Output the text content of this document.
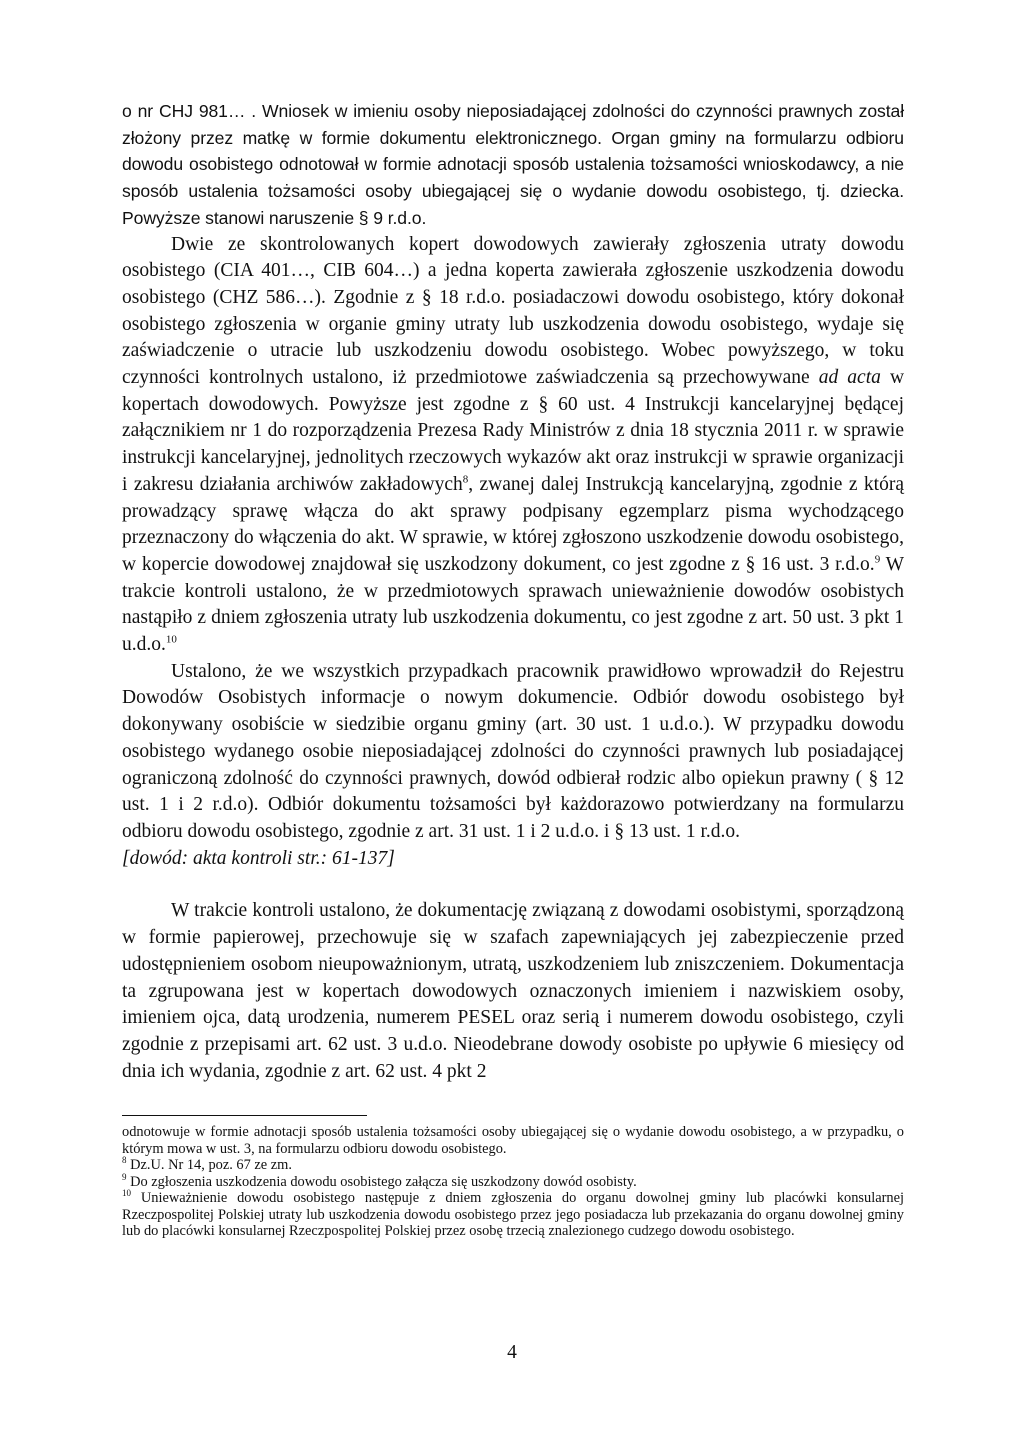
o nr CHJ 981… . Wniosek w imieniu osoby nieposiadającej zdolności do czynności prawnych został złożony przez matkę w formie dokumentu elektronicznego. Organ gminy na formularzu odbioru dowodu osobistego odnotował w formie adnotacji sposób ustalenia tożsamości wnioskodawcy, a nie sposób ustalenia tożsamości osoby ubiegającej się o wydanie dowodu osobistego, tj. dziecka. Powyższe stanowi naruszenie § 9 r.d.o.

Dwie ze skontrolowanych kopert dowodowych zawierały zgłoszenia utraty dowodu osobistego (CIA 401…, CIB 604…) a jedna koperta zawierała zgłoszenie uszkodzenia dowodu osobistego (CHZ 586…). Zgodnie z § 18 r.d.o. posiadaczowi dowodu osobistego, który dokonał osobistego zgłoszenia w organie gminy utraty lub uszkodzenia dowodu osobistego, wydaje się zaświadczenie o utracie lub uszkodzeniu dowodu osobistego. Wobec powyższego, w toku czynności kontrolnych ustalono, iż przedmiotowe zaświadczenia są przechowywane ad acta w kopertach dowodowych. Powyższe jest zgodne z § 60 ust. 4 Instrukcji kancelaryjnej będącej załącznikiem nr 1 do rozporządzenia Prezesa Rady Ministrów z dnia 18 stycznia 2011 r. w sprawie instrukcji kancelaryjnej, jednolitych rzeczowych wykazów akt oraz instrukcji w sprawie organizacji i zakresu działania archiwów zakładowych$^8$, zwanej dalej Instrukcją kancelaryjną, zgodnie z którą prowadzący sprawę włącza do akt sprawy podpisany egzemplarz pisma wychodzącego przeznaczony do włączenia do akt. W sprawie, w której zgłoszono uszkodzenie dowodu osobistego, w kopercie dowodowej znajdował się uszkodzony dokument, co jest zgodne z § 16 ust. 3 r.d.o.$^9$ W trakcie kontroli ustalono, że w przedmiotowych sprawach unieważnienie dowodów osobistych nastąpiło z dniem zgłoszenia utraty lub uszkodzenia dokumentu, co jest zgodne z art. 50 ust. 3 pkt 1 u.d.o.$^{10}$

Ustalono, że we wszystkich przypadkach pracownik prawidłowo wprowadził do Rejestru Dowodów Osobistych informacje o nowym dokumencie. Odbiór dowodu osobistego był dokonywany osobiście w siedzibie organu gminy (art. 30 ust. 1 u.d.o.). W przypadku dowodu osobistego wydanego osobie nieposiadającej zdolności do czynności prawnych lub posiadającej ograniczoną zdolność do czynności prawnych, dowód odbierał rodzic albo opiekun prawny ( § 12 ust. 1 i 2 r.d.o). Odbiór dokumentu tożsamości był każdorazowo potwierdzany na formularzu odbioru dowodu osobistego, zgodnie z art. 31 ust. 1 i 2 u.d.o. i § 13 ust. 1 r.d.o.

[dowód: akta kontroli str.: 61-137]

W trakcie kontroli ustalono, że dokumentację związaną z dowodami osobistymi, sporządzoną w formie papierowej, przechowuje się w szafach zapewniających jej zabezpieczenie przed udostępnieniem osobom nieupoważnionym, utratą, uszkodzeniem lub zniszczeniem. Dokumentacja ta zgrupowana jest w kopertach dowodowych oznaczonych imieniem i nazwiskiem osoby, imieniem ojca, datą urodzenia, numerem PESEL oraz serią i numerem dowodu osobistego, czyli zgodnie z przepisami art. 62 ust. 3 u.d.o. Nieodebrane dowody osobiste po upływie 6 miesięcy od dnia ich wydania, zgodnie z art. 62 ust. 4 pkt 2

odnotowuje w formie adnotacji sposób ustalenia tożsamości osoby ubiegającej się o wydanie dowodu osobistego, a w przypadku, o którym mowa w ust. 3, na formularzu odbioru dowodu osobistego.

$^8$ Dz.U. Nr 14, poz. 67 ze zm.

$^9$ Do zgłoszenia uszkodzenia dowodu osobistego załącza się uszkodzony dowód osobisty.

$^{10}$ Unieważnienie dowodu osobistego następuje z dniem zgłoszenia do organu dowolnej gminy lub placówki konsularnej Rzeczpospolitej Polskiej utraty lub uszkodzenia dowodu osobistego przez jego posiadacza lub przekazania do organu dowolnej gminy lub do placówki konsularnej Rzeczpospolitej Polskiej przez osobę trzecią znalezionego cudzego dowodu osobistego.

4
